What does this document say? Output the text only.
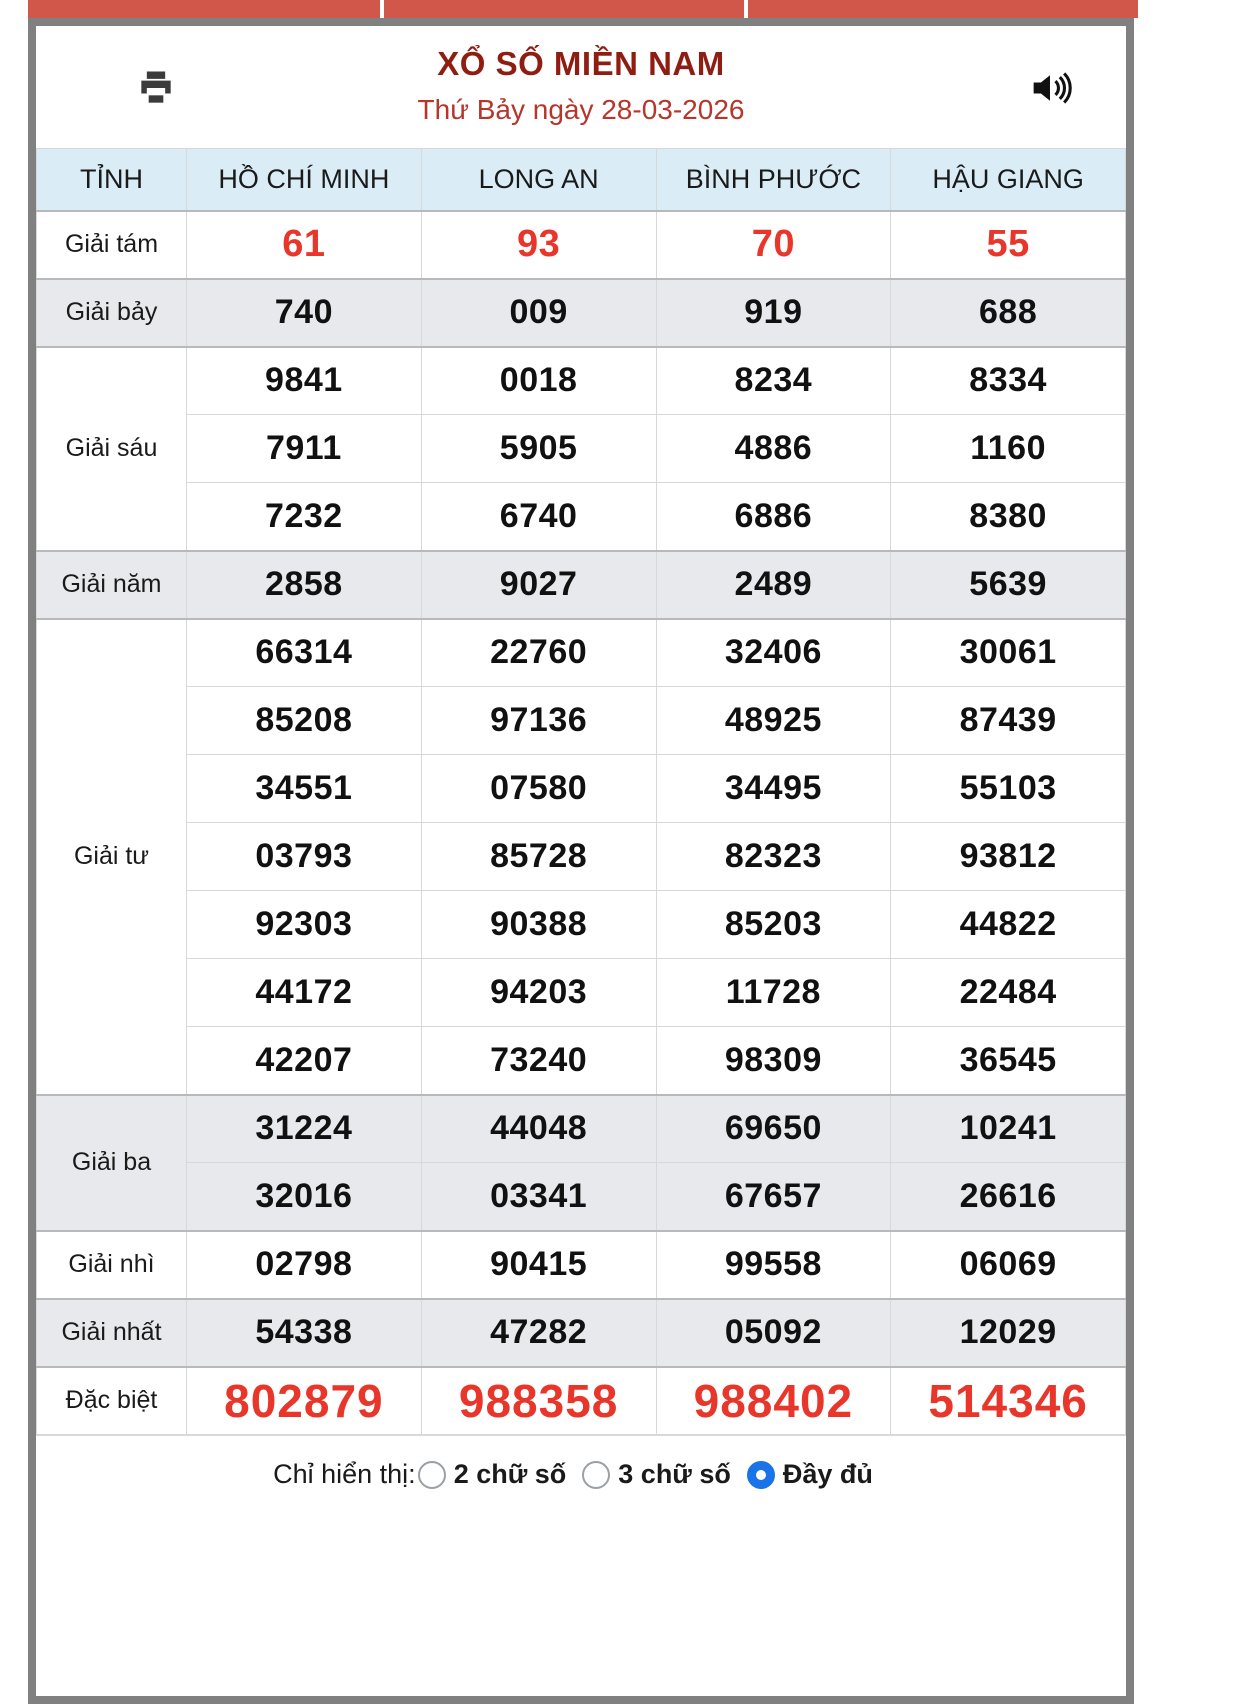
XỔ SỐ MIỀN NAM
Thứ Bảy ngày 28-03-2026
TỈNH	HỒ CHÍ MINH	LONG AN	BÌNH PHƯỚC	HẬU GIANG
Giải tám	61	93	70	55
Giải bảy	740	009	919	688
Giải sáu	9841	0018	8234	8334
	7911	5905	4886	1160
	7232	6740	6886	8380
Giải năm	2858	9027	2489	5639
Giải tư	66314	22760	32406	30061
	85208	97136	48925	87439
	34551	07580	34495	55103
	03793	85728	82323	93812
	92303	90388	85203	44822
	44172	94203	11728	22484
	42207	73240	98309	36545
Giải ba	31224	44048	69650	10241
	32016	03341	67657	26616
Giải nhì	02798	90415	99558	06069
Giải nhất	54338	47282	05092	12029
Đặc biệt	802879	988358	988402	514346
Chỉ hiển thị: 2 chữ số 3 chữ số Đầy đủ
